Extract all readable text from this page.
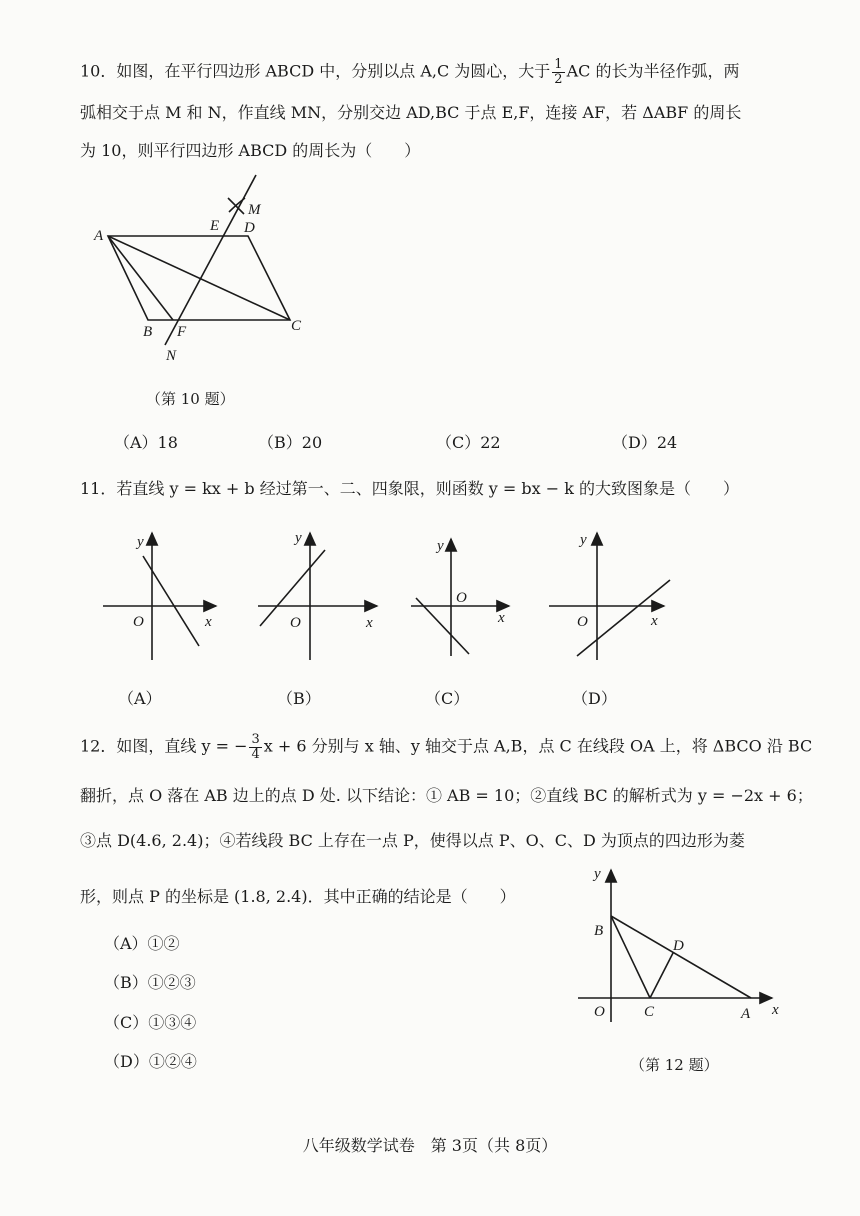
10．如图，在平行四边形 ABCD 中，分别以点 A,C 为圆心，大于 $\frac{1}{2}$ AC 的长为半径作弧，两
弧相交于点 M 和 N，作直线 MN，分别交边 AD,BC 于点 E,F，连接 AF，若 ΔABF 的周长
为 10，则平行四边形 ABCD 的周长为（　　）
A
E D
M
B F	C
N
（第 10 题）
（A）18	（B）20	（C）22	（D）24
11．若直线 y = kx + b 经过第一、二、四象限，则函数 y = bx − k 的大致图象是（　　）
y
x
O
y
x
O
y
x
O
y
x
O
（A）	（B）	（C）	（D）
12．如图，直线 y = − $\frac{3}{4}$ x + 6 分别与 x 轴、y 轴交于点 A,B，点 C 在线段 OA 上，将 ΔBCO 沿 BC
翻折，点 O 落在 AB 边上的点 D 处. 以下结论：① AB = 10；②直线 BC 的解析式为 y = −2x + 6；
③点 D(4.6, 2.4)；④若线段 BC 上存在一点 P，使得以点 P、O、C、D 为顶点的四边形为菱
形，则点 P 的坐标是 (1.8, 2.4)．其中正确的结论是（　　）
（A）①②
（B）①②③
（C）①③④
（D）①②④
y
B
D
O	C	A x
（第 12 题）
八年级数学试卷　第 3页（共 8页）
